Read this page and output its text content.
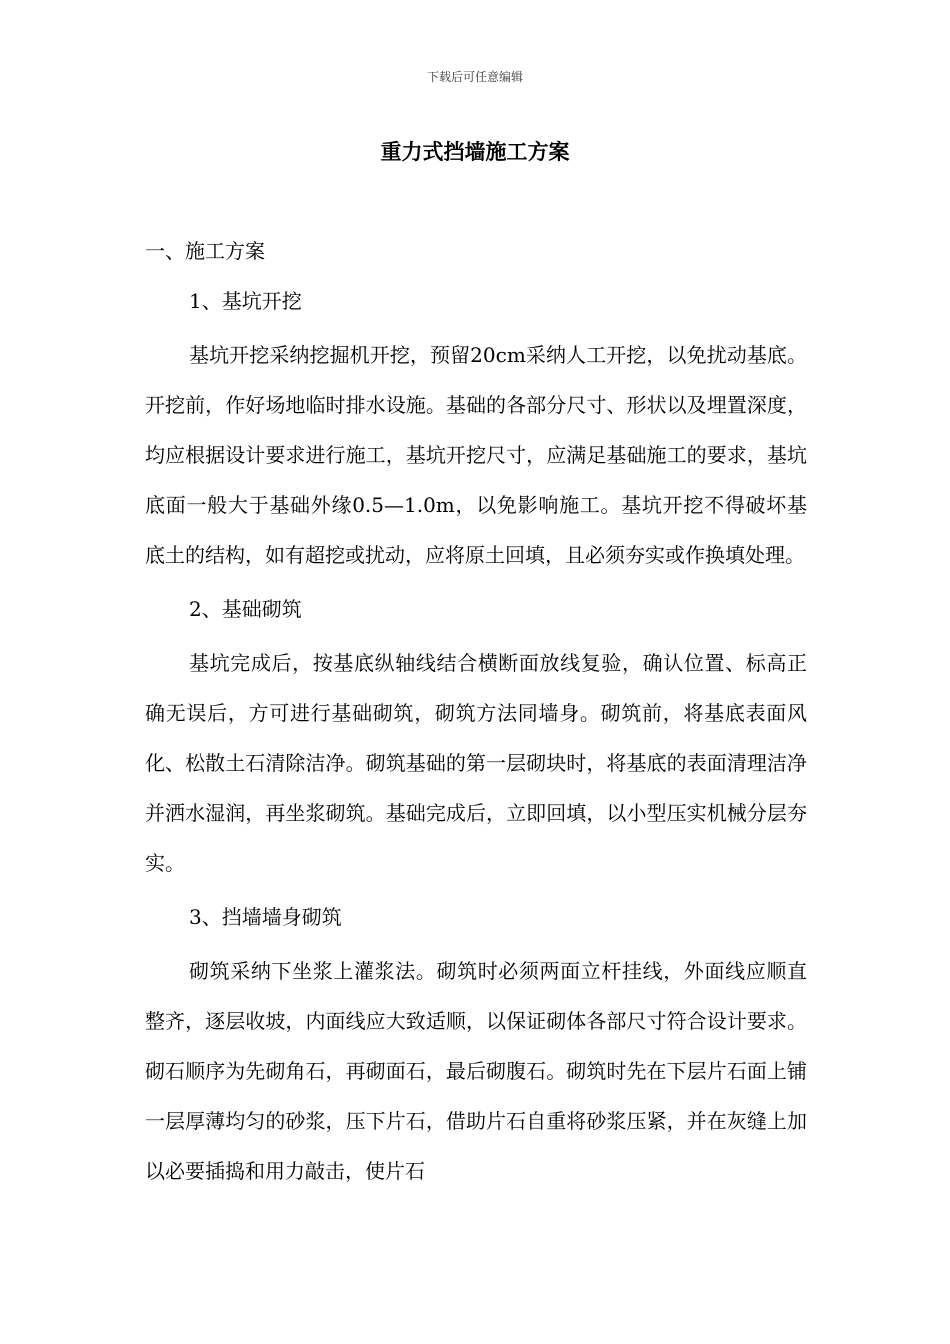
下载后可任意编辑
重力式挡墙施工方案
一、施工方案
1、基坑开挖

基坑开挖采纳挖掘机开挖，预留20cm采纳人工开挖，以免扰动基底。开挖前，作好场地临时排水设施。基础的各部分尺寸、形状以及埋置深度，均应根据设计要求进行施工，基坑开挖尺寸，应满足基础施工的要求，基坑底面一般大于基础外缘0.5—1.0m，以免影响施工。基坑开挖不得破坏基底土的结构，如有超挖或扰动，应将原土回填，且必须夯实或作换填处理。

2、基础砌筑

基坑完成后，按基底纵轴线结合横断面放线复验，确认位置、标高正确无误后，方可进行基础砌筑，砌筑方法同墙身。砌筑前，将基底表面风化、松散土石清除洁净。砌筑基础的第一层砌块时，将基底的表面清理洁净并洒水湿润，再坐浆砌筑。基础完成后，立即回填，以小型压实机械分层夯实。

3、挡墙墙身砌筑

砌筑采纳下坐浆上灌浆法。砌筑时必须两面立杆挂线，外面线应顺直整齐，逐层收坡，内面线应大致适顺，以保证砌体各部尺寸符合设计要求。砌石顺序为先砌角石，再砌面石，最后砌腹石。砌筑时先在下层片石面上铺一层厚薄均匀的砂浆，压下片石，借助片石自重将砂浆压紧，并在灰缝上加以必要插捣和用力敲击，使片石
